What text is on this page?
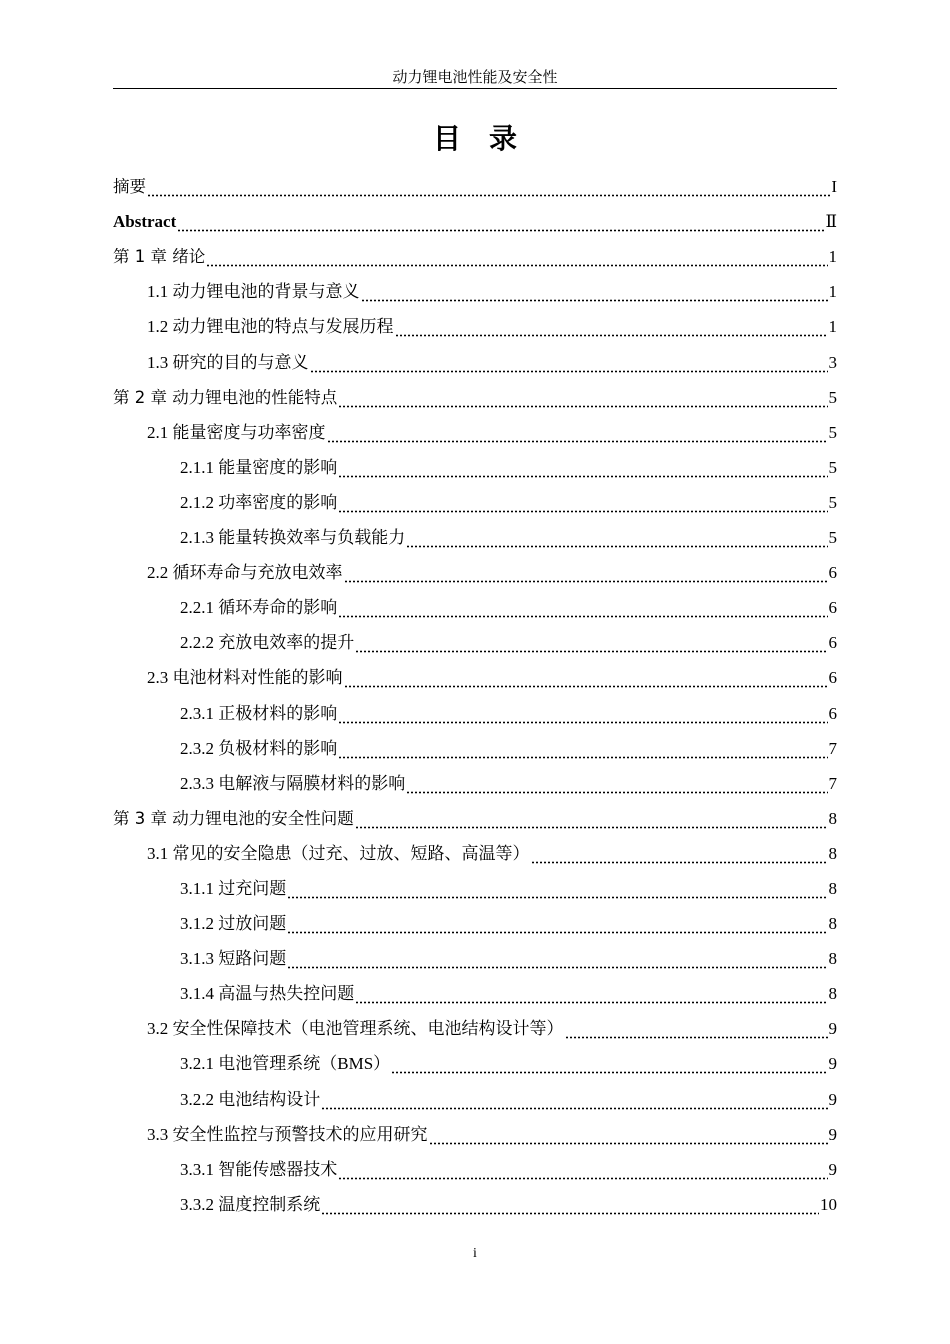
动力锂电池性能及安全性
目　录
摘要	I
Abstract	Ⅱ
第 1 章 绪论	1
1.1 动力锂电池的背景与意义	1
1.2 动力锂电池的特点与发展历程	1
1.3 研究的目的与意义	3
第 2 章 动力锂电池的性能特点	5
2.1 能量密度与功率密度	5
2.1.1 能量密度的影响	5
2.1.2 功率密度的影响	5
2.1.3 能量转换效率与负载能力	5
2.2 循环寿命与充放电效率	6
2.2.1 循环寿命的影响	6
2.2.2 充放电效率的提升	6
2.3 电池材料对性能的影响	6
2.3.1 正极材料的影响	6
2.3.2 负极材料的影响	7
2.3.3 电解液与隔膜材料的影响	7
第 3 章 动力锂电池的安全性问题	8
3.1 常见的安全隐患（过充、过放、短路、高温等）	8
3.1.1 过充问题	8
3.1.2 过放问题	8
3.1.3 短路问题	8
3.1.4 高温与热失控问题	8
3.2 安全性保障技术（电池管理系统、电池结构设计等）	9
3.2.1 电池管理系统（BMS）	9
3.2.2 电池结构设计	9
3.3 安全性监控与预警技术的应用研究	9
3.3.1 智能传感器技术	9
3.3.2 温度控制系统	10
i
